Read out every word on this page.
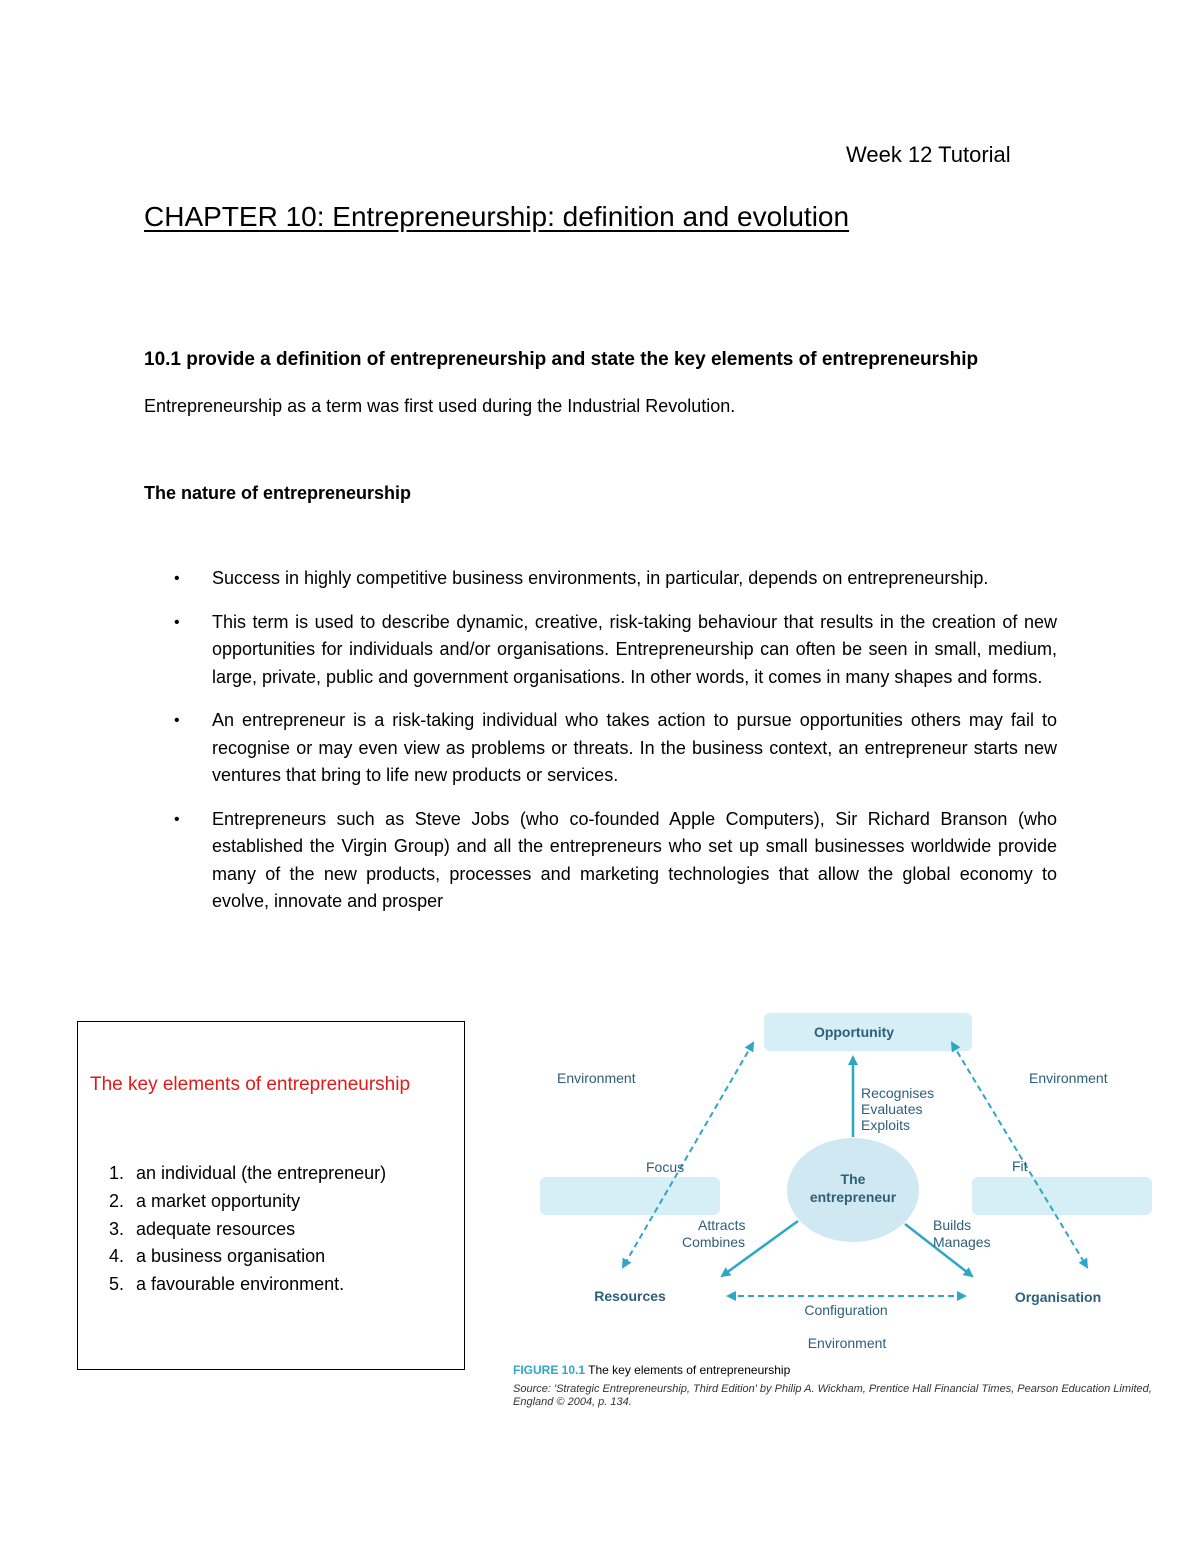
Week 12 Tutorial
CHAPTER 10: Entrepreneurship: definition and evolution
10.1 provide a definition of entrepreneurship and state the key elements of entrepreneurship
Entrepreneurship as a term was first used during the Industrial Revolution.
The nature of entrepreneurship
• Success in highly competitive business environments, in particular, depends on entrepreneurship.
• This term is used to describe dynamic, creative, risk-taking behaviour that results in the creation of new opportunities for individuals and/or organisations. Entrepreneurship can often be seen in small, medium, large, private, public and government organisations. In other words, it comes in many shapes and forms.
• An entrepreneur is a risk-taking individual who takes action to pursue opportunities others may fail to recognise or may even view as problems or threats. In the business context, an entrepreneur starts new ventures that bring to life new products or services.
• Entrepreneurs such as Steve Jobs (who co-founded Apple Computers), Sir Richard Branson (who established the Virgin Group) and all the entrepreneurs who set up small businesses worldwide provide many of the new products, processes and marketing technologies that allow the global economy to evolve, innovate and prosper
The key elements of entrepreneurship
1. an individual (the entrepreneur)
2. a market opportunity
3. adequate resources
4. a business organisation
5. a favourable environment.
Opportunity
Resources	Organisation
The
entrepreneur
Environment	Environment
Environment
Recognises
Evaluates
Exploits
Focus	Fit
Attracts
Combines
Builds
Manages
Configuration
FIGURE 10.1 The key elements of entrepreneurship
Source: 'Strategic Entrepreneurship, Third Edition' by Philip A. Wickham, Prentice Hall Financial Times, Pearson Education Limited, England © 2004, p. 134.
